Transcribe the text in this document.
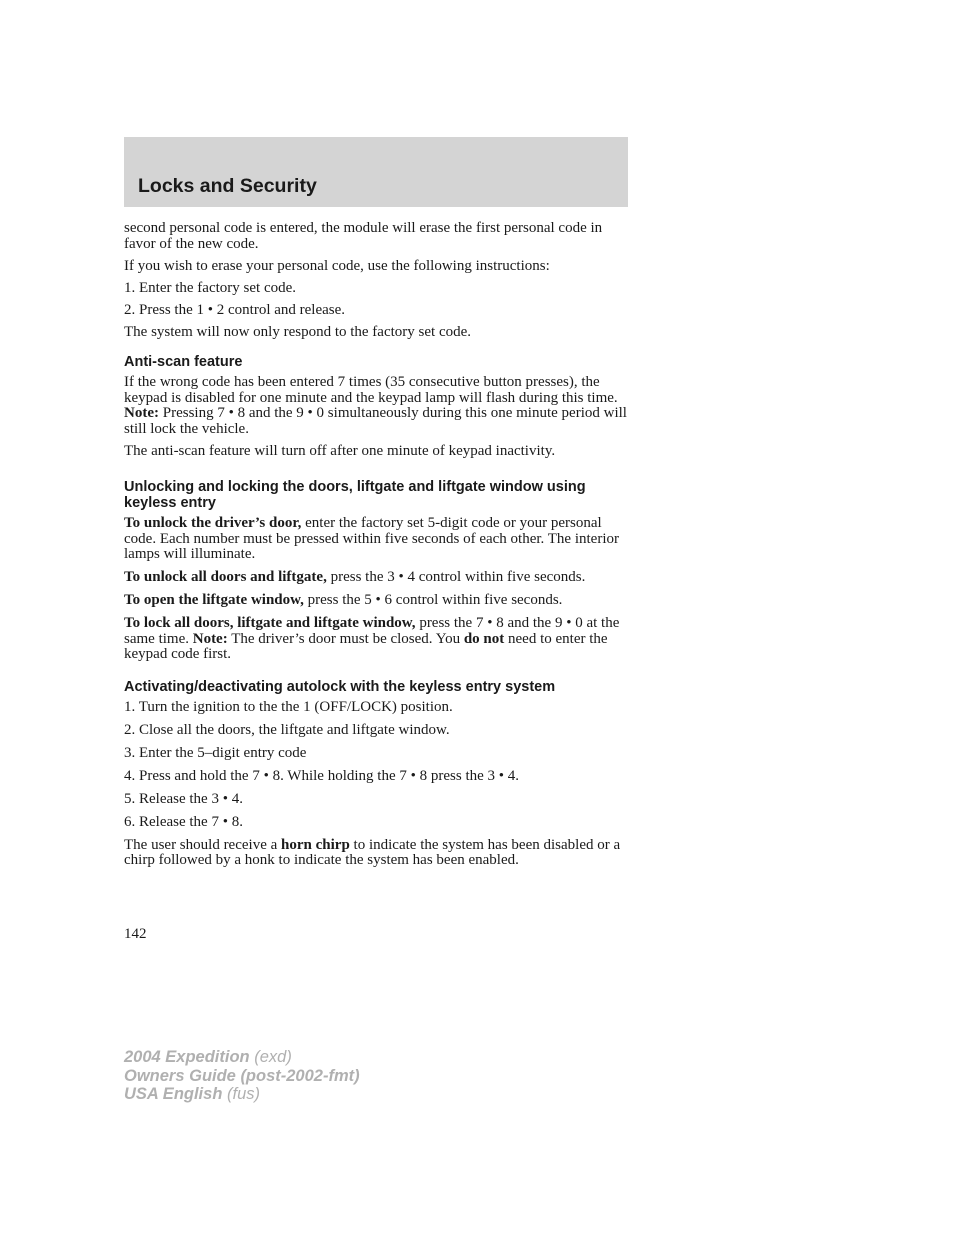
Locks and Security

second personal code is entered, the module will erase the first personal code in favor of the new code.

If you wish to erase your personal code, use the following instructions:

1. Enter the factory set code.

2. Press the 1 • 2 control and release.

The system will now only respond to the factory set code.

Anti-scan feature

If the wrong code has been entered 7 times (35 consecutive button presses), the keypad is disabled for one minute and the keypad lamp will flash during this time. Note: Pressing 7 • 8 and the 9 • 0 simultaneously during this one minute period will still lock the vehicle.

The anti-scan feature will turn off after one minute of keypad inactivity.

Unlocking and locking the doors, liftgate and liftgate window using keyless entry

To unlock the driver’s door, enter the factory set 5-digit code or your personal code. Each number must be pressed within five seconds of each other. The interior lamps will illuminate.

To unlock all doors and liftgate, press the 3 • 4 control within five seconds.

To open the liftgate window, press the 5 • 6 control within five seconds.

To lock all doors, liftgate and liftgate window, press the 7 • 8 and the 9 • 0 at the same time. Note: The driver’s door must be closed. You do not need to enter the keypad code first.

Activating/deactivating autolock with the keyless entry system

1. Turn the ignition to the the 1 (OFF/LOCK) position.

2. Close all the doors, the liftgate and liftgate window.

3. Enter the 5–digit entry code

4. Press and hold the 7 • 8. While holding the 7 • 8 press the 3 • 4.

5. Release the 3 • 4.

6. Release the 7 • 8.

The user should receive a horn chirp to indicate the system has been disabled or a chirp followed by a honk to indicate the system has been enabled.

142
2004 Expedition (exd)
Owners Guide (post-2002-fmt)
USA English (fus)
